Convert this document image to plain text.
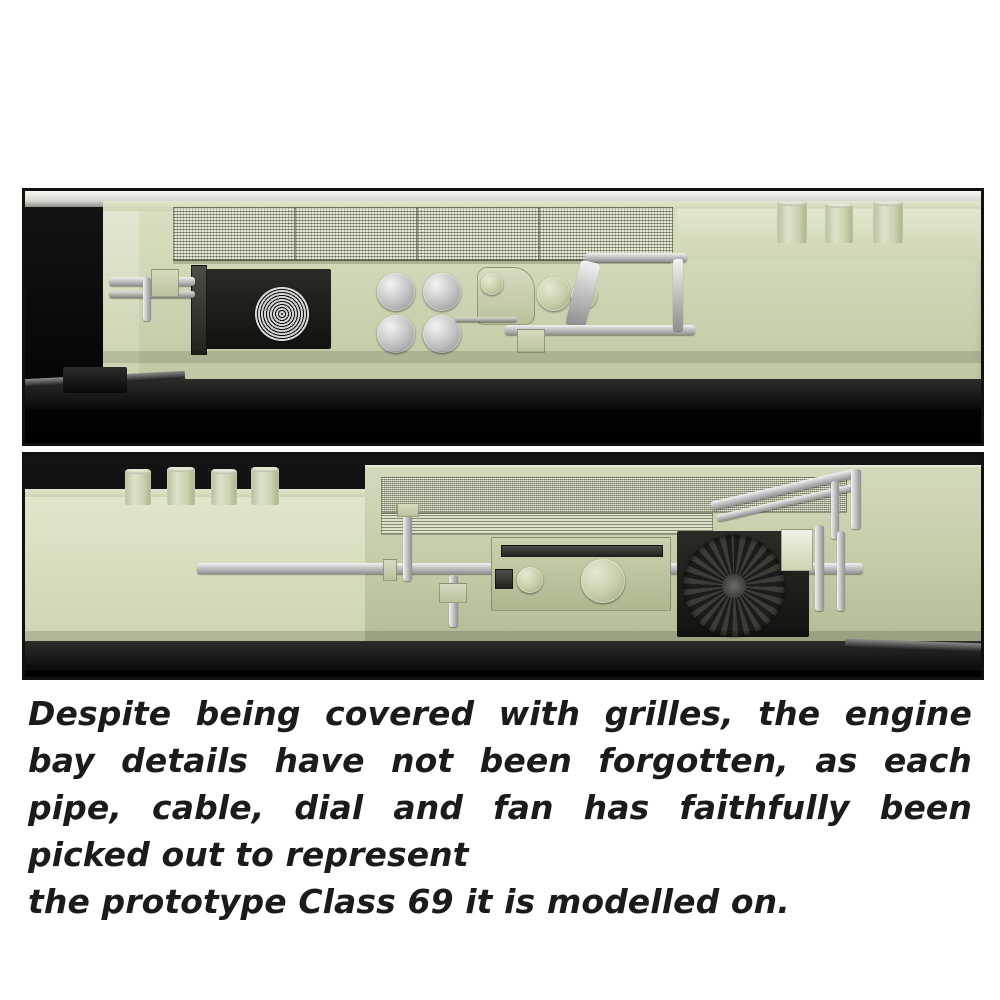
Despite being covered with grilles, the engine bay details have not been forgotten, as each pipe, cable, dial and fan has faithfully been picked out to represent
the prototype Class 69 it is modelled on.
